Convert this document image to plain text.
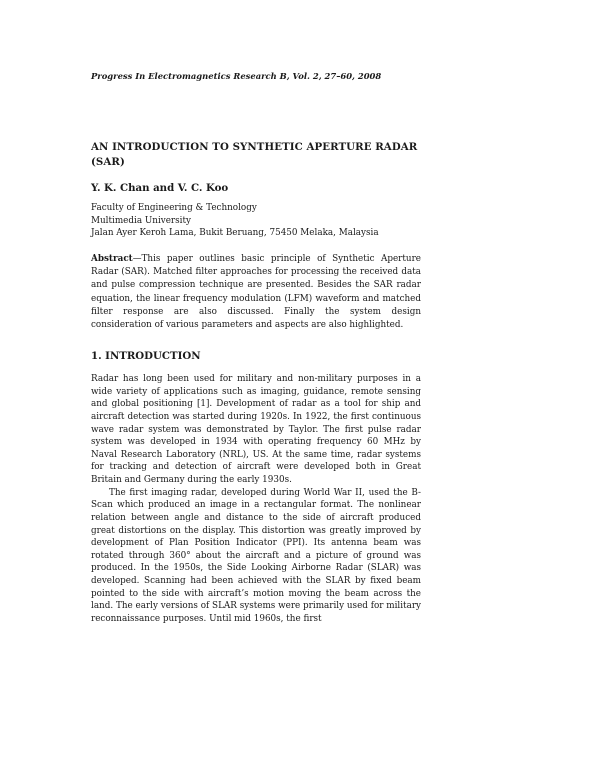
Progress In Electromagnetics Research B, Vol. 2, 27–60, 2008
AN INTRODUCTION TO SYNTHETIC APERTURE RADAR (SAR)
Y. K. Chan and V. C. Koo
Faculty of Engineering & Technology
Multimedia University
Jalan Ayer Keroh Lama, Bukit Beruang, 75450 Melaka, Malaysia
Abstract—This paper outlines basic principle of Synthetic Aperture Radar (SAR). Matched filter approaches for processing the received data and pulse compression technique are presented. Besides the SAR radar equation, the linear frequency modulation (LFM) waveform and matched filter response are also discussed. Finally the system design consideration of various parameters and aspects are also highlighted.
1. INTRODUCTION

Radar has long been used for military and non-military purposes in a wide variety of applications such as imaging, guidance, remote sensing and global positioning [1]. Development of radar as a tool for ship and aircraft detection was started during 1920s. In 1922, the first continuous wave radar system was demonstrated by Taylor. The first pulse radar system was developed in 1934 with operating frequency 60 MHz by Naval Research Laboratory (NRL), US. At the same time, radar systems for tracking and detection of aircraft were developed both in Great Britain and Germany during the early 1930s.

The first imaging radar, developed during World War II, used the B-Scan which produced an image in a rectangular format. The nonlinear relation between angle and distance to the side of aircraft produced great distortions on the display. This distortion was greatly improved by development of Plan Position Indicator (PPI). Its antenna beam was rotated through 360° about the aircraft and a picture of ground was produced. In the 1950s, the Side Looking Airborne Radar (SLAR) was developed. Scanning had been achieved with the SLAR by fixed beam pointed to the side with aircraft’s motion moving the beam across the land. The early versions of SLAR systems were primarily used for military reconnaissance purposes. Until mid 1960s, the first
